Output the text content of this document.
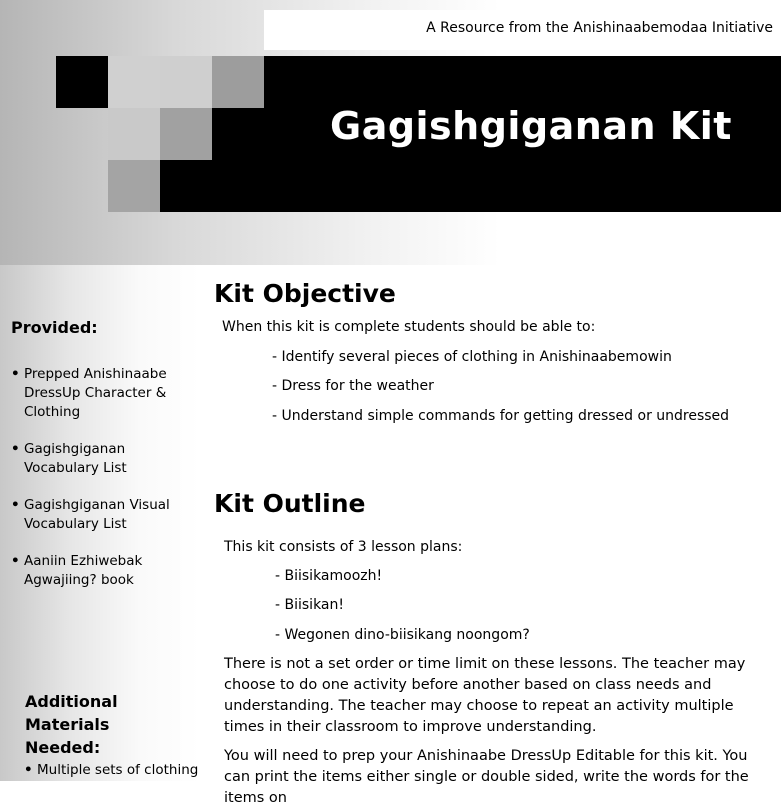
A Resource from the Anishinaabemodaa Initiative
Gagishgiganan Kit
Provided:
• Prepped Anishinaabe DressUp Character & Clothing
• Gagishgiganan Vocabulary List
• Gagishgiganan Visual Vocabulary List
• Aaniin Ezhiwebak Agwajiing? book
Additional Materials Needed:
• Multiple sets of clothing
Kit Objective
When this kit is complete students should be able to:
- Identify several pieces of clothing in Anishinaabemowin
- Dress for the weather
- Understand simple commands for getting dressed or undressed
Kit Outline
This kit consists of 3 lesson plans:
- Biisikamoozh!
- Biisikan!
- Wegonen dino-biisikang noongom?
There is not a set order or time limit on these lessons. The teacher may choose to do one activity before another based on class needs and understanding. The teacher may choose to repeat an activity multiple times in their classroom to improve understanding.
You will need to prep your Anishinaabe DressUp Editable for this kit. You can print the items either single or double sided, write the words for the items on
